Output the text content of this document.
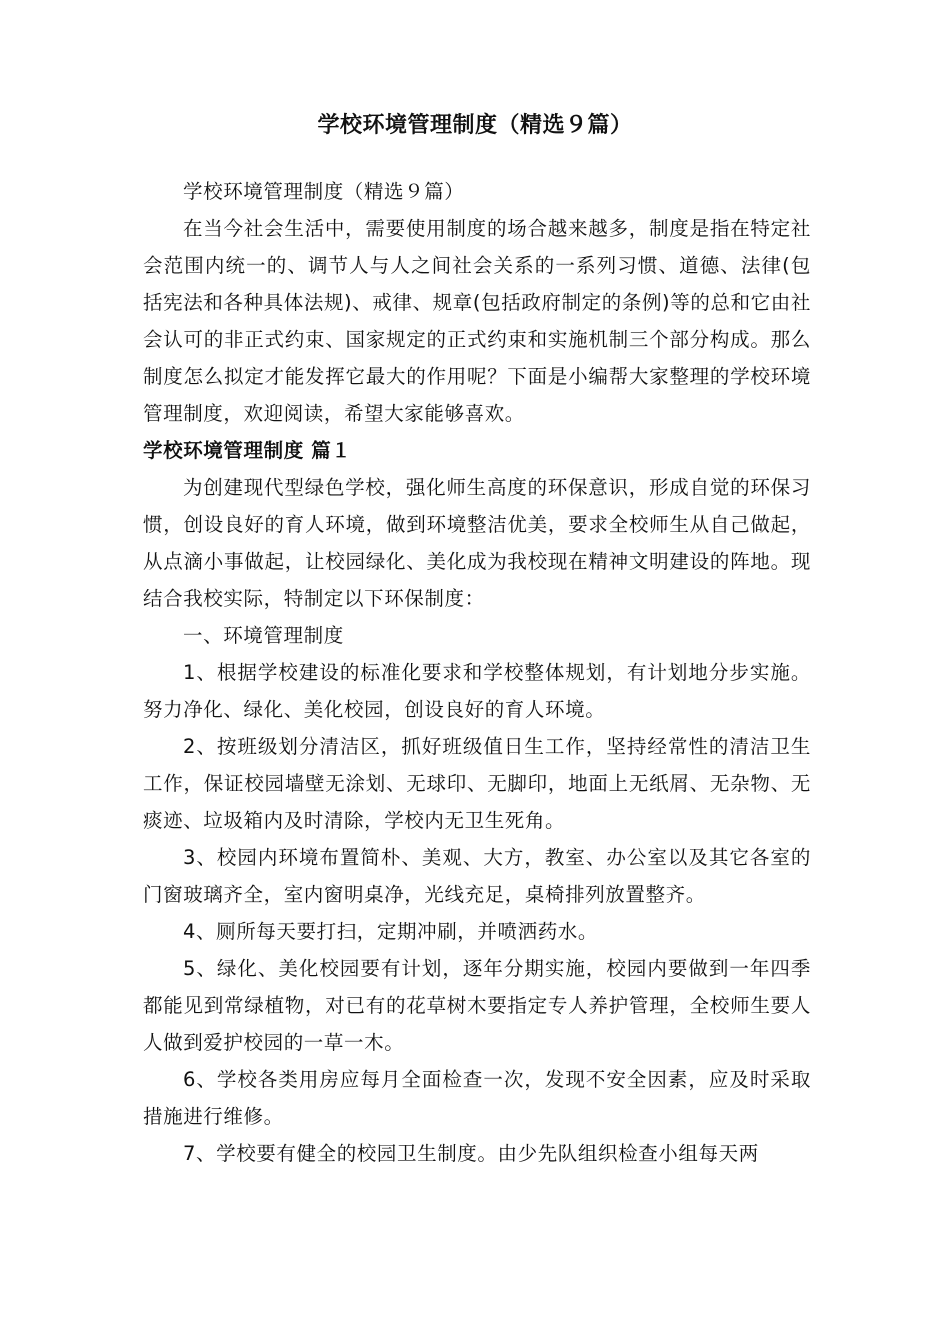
学校环境管理制度（精选９篇）

学校环境管理制度（精选９篇）

在当今社会生活中，需要使用制度的场合越来越多，制度是指在特定社会范围内统一的、调节人与人之间社会关系的一系列习惯、道德、法律(包括宪法和各种具体法规)、戒律、规章(包括政府制定的条例)等的总和它由社会认可的非正式约束、国家规定的正式约束和实施机制三个部分构成。那么制度怎么拟定才能发挥它最大的作用呢？下面是小编帮大家整理的学校环境管理制度，欢迎阅读，希望大家能够喜欢。

学校环境管理制度 篇１

为创建现代型绿色学校，强化师生高度的环保意识，形成自觉的环保习惯，创设良好的育人环境，做到环境整洁优美，要求全校师生从自己做起，从点滴小事做起，让校园绿化、美化成为我校现在精神文明建设的阵地。现结合我校实际，特制定以下环保制度：

一、环境管理制度

1、根据学校建设的标准化要求和学校整体规划，有计划地分步实施。努力净化、绿化、美化校园，创设良好的育人环境。

2、按班级划分清洁区，抓好班级值日生工作，坚持经常性的清洁卫生工作，保证校园墙壁无涂划、无球印、无脚印，地面上无纸屑、无杂物、无痰迹、垃圾箱内及时清除，学校内无卫生死角。

3、校园内环境布置简朴、美观、大方，教室、办公室以及其它各室的门窗玻璃齐全，室内窗明桌净，光线充足，桌椅排列放置整齐。

4、厕所每天要打扫，定期冲刷，并喷洒药水。

5、绿化、美化校园要有计划，逐年分期实施，校园内要做到一年四季都能见到常绿植物，对已有的花草树木要指定专人养护管理，全校师生要人人做到爱护校园的一草一木。

6、学校各类用房应每月全面检查一次，发现不安全因素，应及时采取措施进行维修。

7、学校要有健全的校园卫生制度。由少先队组织检查小组每天两
